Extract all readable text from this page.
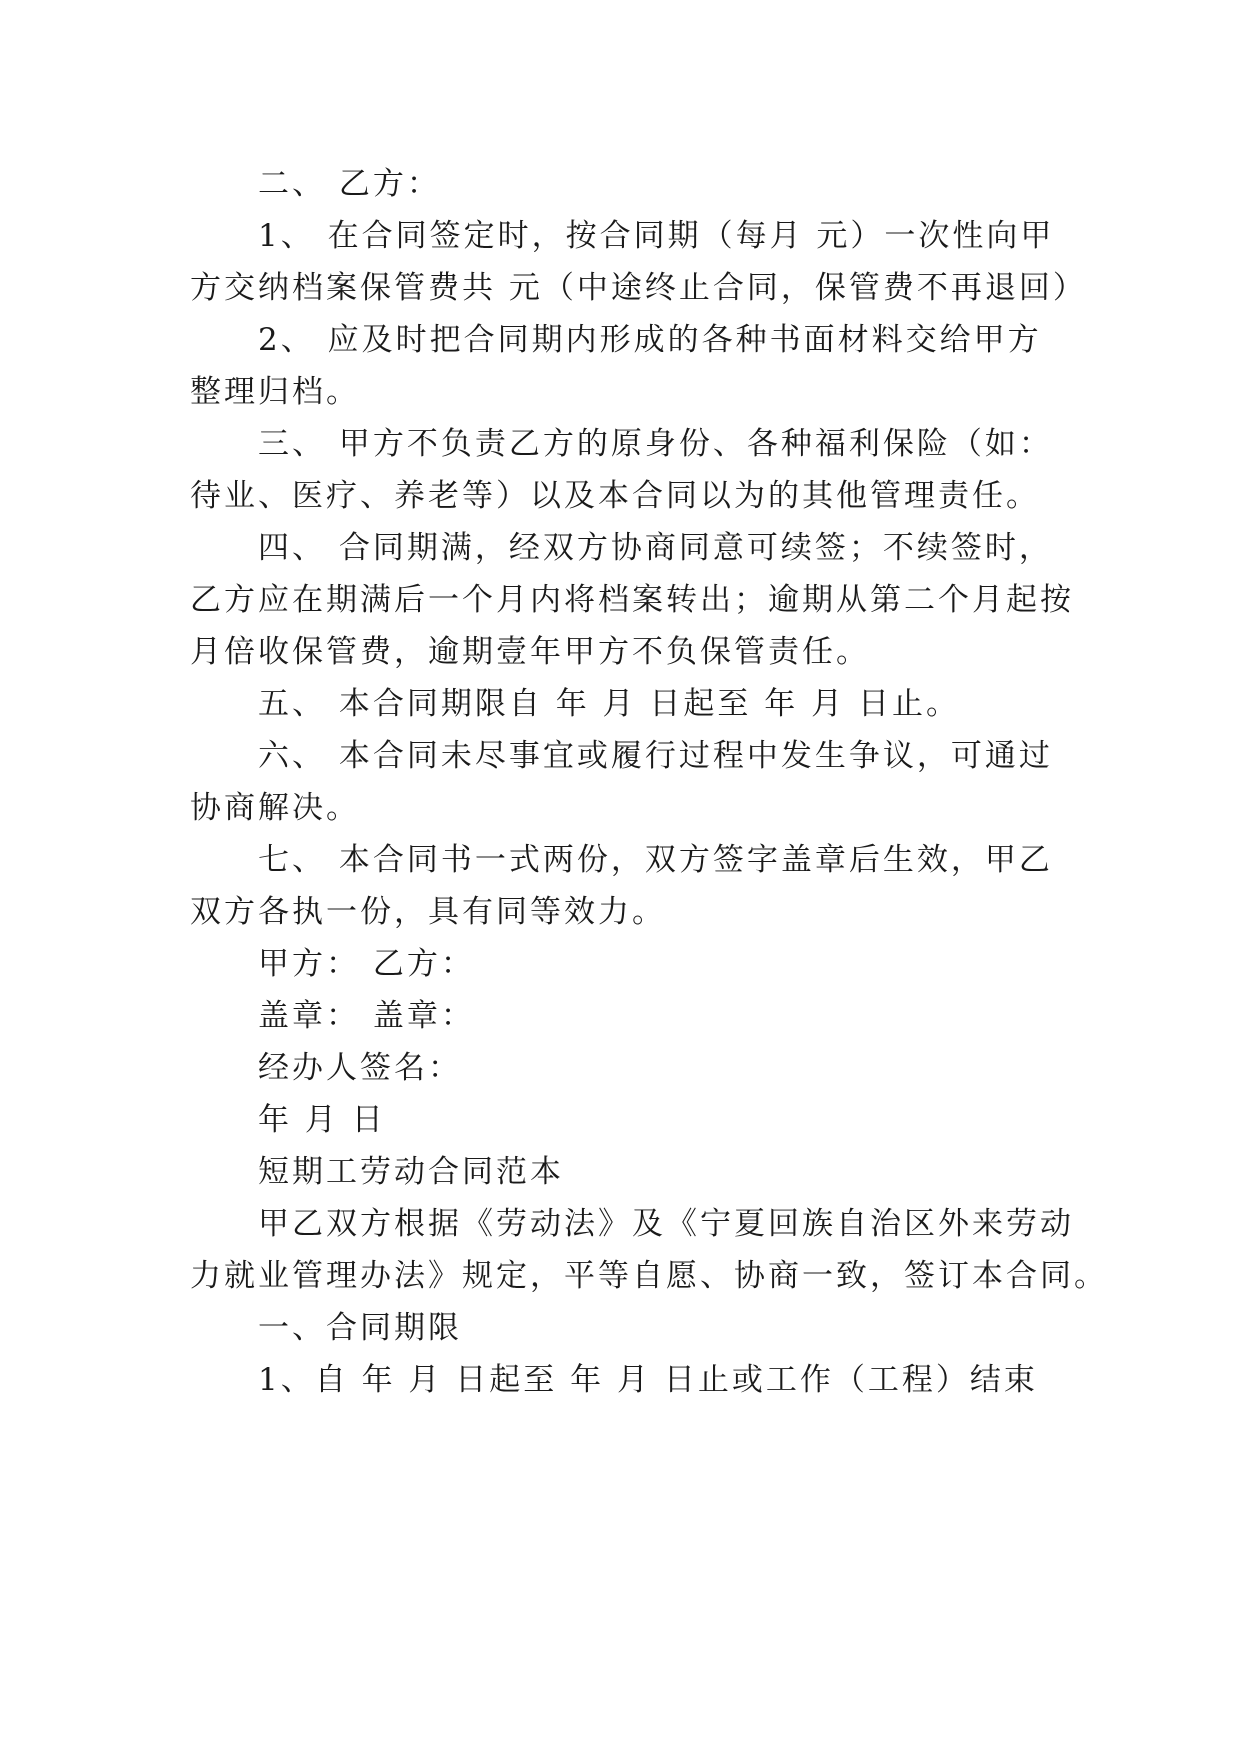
二、 乙方：
1、 在合同签定时，按合同期（每月 元）一次性向甲
方交纳档案保管费共 元（中途终止合同，保管费不再退回）
2、 应及时把合同期内形成的各种书面材料交给甲方
整理归档。
三、 甲方不负责乙方的原身份、各种福利保险（如：
待业、医疗、养老等）以及本合同以为的其他管理责任。
四、 合同期满，经双方协商同意可续签；不续签时，
乙方应在期满后一个月内将档案转出；逾期从第二个月起按
月倍收保管费，逾期壹年甲方不负保管责任。
五、 本合同期限自 年 月 日起至 年 月 日止。
六、 本合同未尽事宜或履行过程中发生争议，可通过
协商解决。
七、 本合同书一式两份，双方签字盖章后生效，甲乙
双方各执一份，具有同等效力。
甲方： 乙方：
盖章： 盖章：
经办人签名：
年 月 日
短期工劳动合同范本
甲乙双方根据《劳动法》及《宁夏回族自治区外来劳动
力就业管理办法》规定，平等自愿、协商一致，签订本合同。
一、合同期限
1、自 年 月 日起至 年 月 日止或工作（工程）结束
